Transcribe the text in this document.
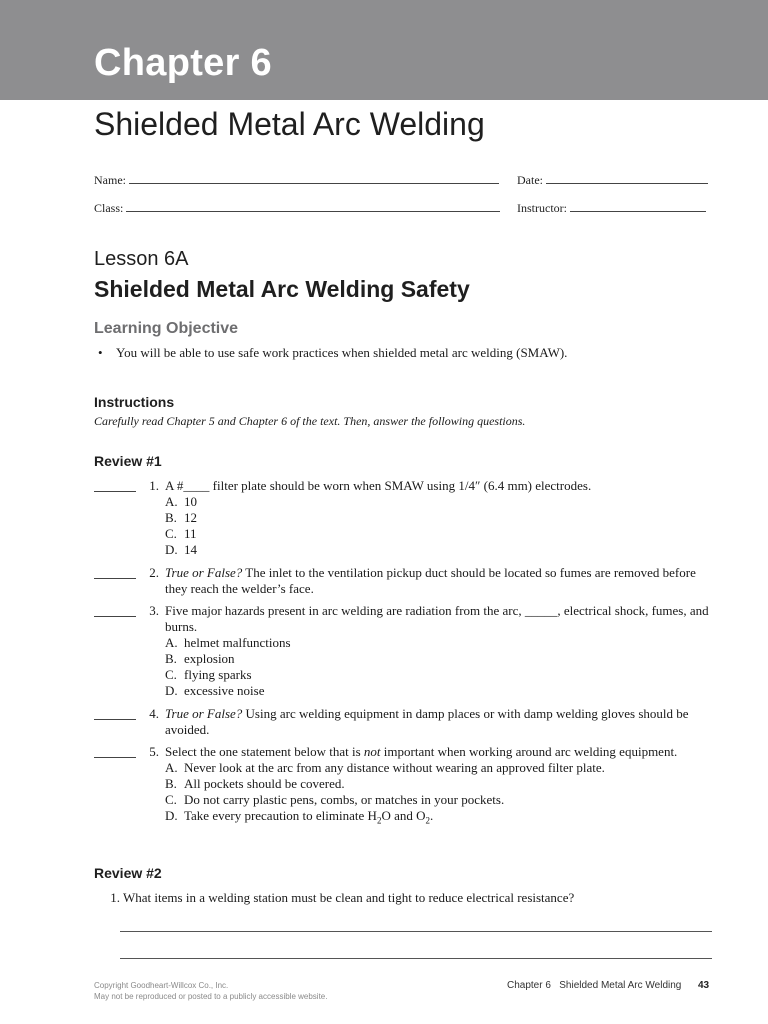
Chapter 6
Shielded Metal Arc Welding
Name:	Date:
Class:	Instructor:
Lesson 6A
Shielded Metal Arc Welding Safety
Learning Objective
• You will be able to use safe work practices when shielded metal arc welding (SMAW).
Instructions
Carefully read Chapter 5 and Chapter 6 of the text. Then, answer the following questions.
Review #1
1. A #____ filter plate should be worn when SMAW using 1/4″ (6.4 mm) electrodes.
A. 10
B. 12
C. 11
D. 14
2. True or False? The inlet to the ventilation pickup duct should be located so fumes are removed before they reach the welder’s face.
3. Five major hazards present in arc welding are radiation from the arc, _____, electrical shock, fumes, and burns.
A. helmet malfunctions
B. explosion
C. flying sparks
D. excessive noise
4. True or False? Using arc welding equipment in damp places or with damp welding gloves should be avoided.
5. Select the one statement below that is not important when working around arc welding equipment.
A. Never look at the arc from any distance without wearing an approved filter plate.
B. All pockets should be covered.
C. Do not carry plastic pens, combs, or matches in your pockets.
D. Take every precaution to eliminate $H_2O$ and $O_2$.
Review #2
1. What items in a welding station must be clean and tight to reduce electrical resistance?
Copyright Goodheart-Willcox Co., Inc.
May not be reproduced or posted to a publicly accessible website.
Chapter 6   Shielded Metal Arc Welding 43
